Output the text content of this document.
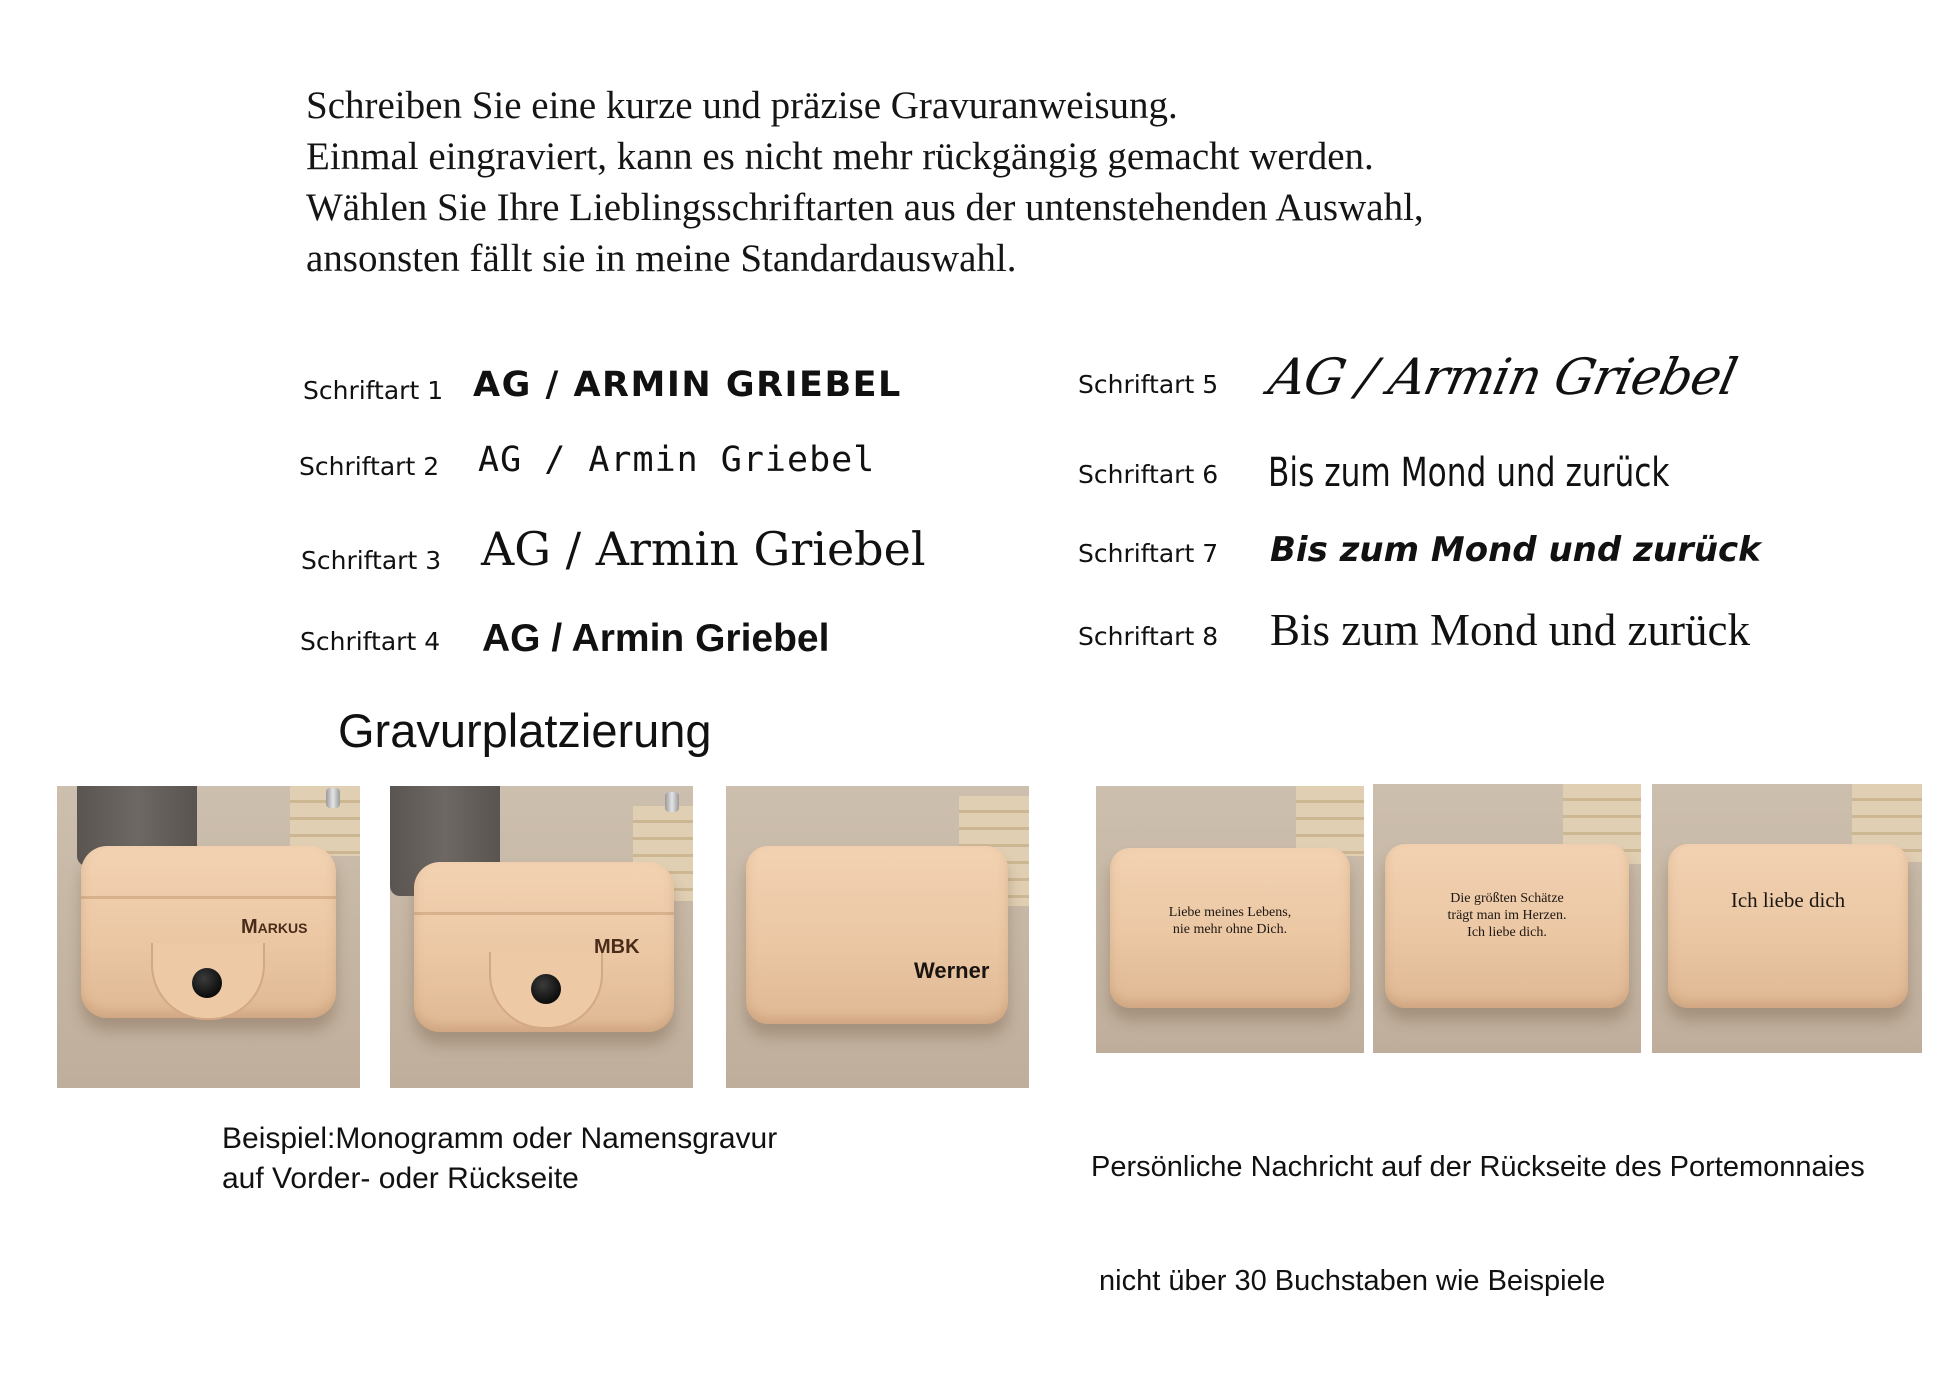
Schreiben Sie eine kurze und präzise Gravuranweisung.
Einmal eingraviert, kann es nicht mehr rückgängig gemacht werden.
Wählen Sie Ihre Lieblingsschriftarten aus der untenstehenden Auswahl,
ansonsten fällt sie in meine Standardauswahl.
Schriftart 1 AG / ARMIN GRIEBEL
Schriftart 2 AG / Armin Griebel
Schriftart 3 AG / Armin Griebel
Schriftart 4 AG / Armin Griebel
Schriftart 5 AG / Armin Griebel
Schriftart 6 Bis zum Mond und zurück
Schriftart 7 Bis zum Mond und zurück
Schriftart 8 Bis zum Mond und zurück
Gravurplatzierung
Markus
MBK
Werner
Liebe meines Lebens,
nie mehr ohne Dich.
Die größten Schätze
trägt man im Herzen.
Ich liebe dich.
Ich liebe dich
Beispiel:Monogramm oder Namensgravur
auf Vorder- oder Rückseite

	Persönliche Nachricht auf der Rückseite des Portemonnaies

nicht über 30 Buchstaben wie Beispiele
